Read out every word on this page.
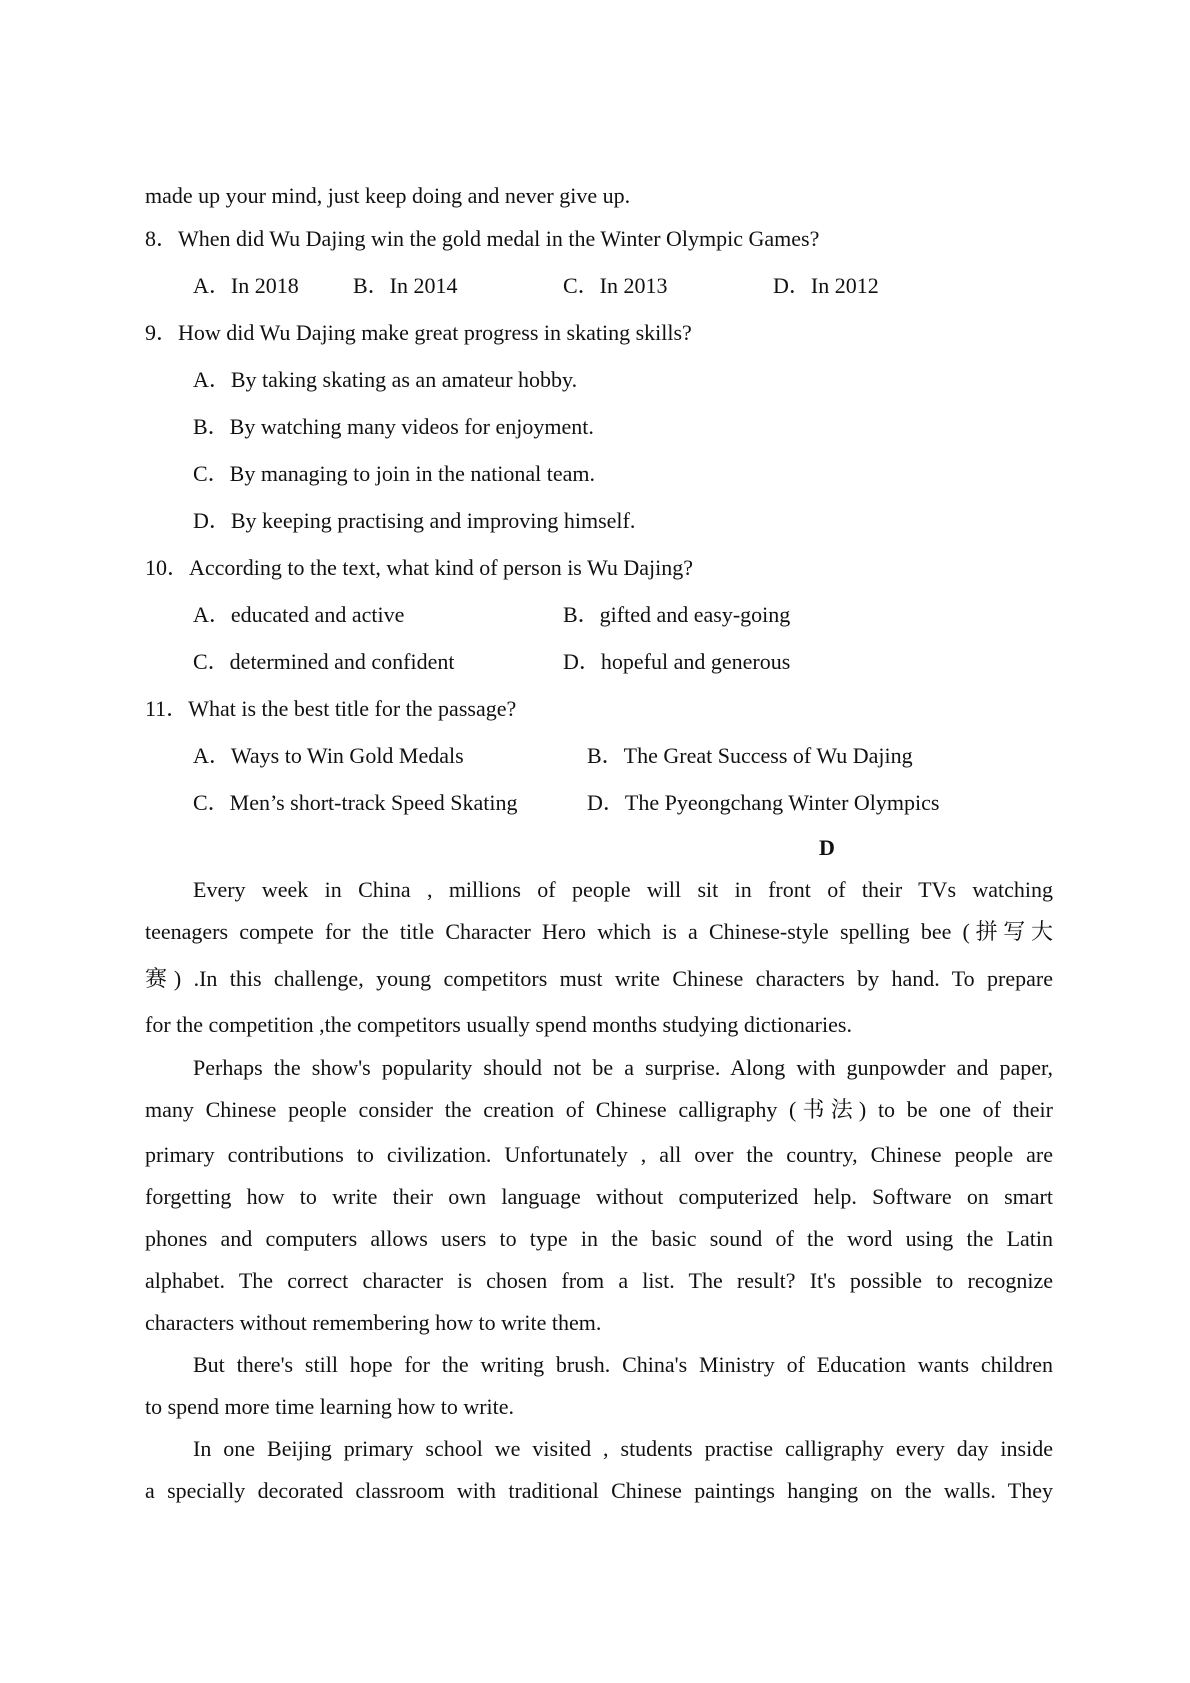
made up your mind, just keep doing and never give up.
8．When did Wu Dajing win the gold medal in the Winter Olympic Games?
A．In 2018 B．In 2014	C．In 2013	D．In 2012
9．How did Wu Dajing make great progress in skating skills?
A．By taking skating as an amateur hobby.
B．By watching many videos for enjoyment.
C．By managing to join in the national team.
D．By keeping practising and improving himself.
10．According to the text, what kind of person is Wu Dajing?
A．educated and active	B．gifted and easy-going
C．determined and confident	D．hopeful and generous
11．What is the best title for the passage?
A．Ways to Win Gold Medals	B．The Great Success of Wu Dajing
C．Men’s short-track Speed Skating	D．The Pyeongchang Winter Olympics
D
Every week in China , millions of people will sit in front of their TVs watching
teenagers compete for the title Character Hero which is a Chinese-style spelling bee (拼写大
赛) .In this challenge, young competitors must write Chinese characters by hand. To prepare
for the competition ,the competitors usually spend months studying dictionaries.
Perhaps the show's popularity should not be a surprise. Along with gunpowder and paper,
many Chinese people consider the creation of Chinese calligraphy (书法) to be one of their
primary contributions to civilization. Unfortunately , all over the country, Chinese people are
forgetting how to write their own language without computerized help. Software on smart
phones and computers allows users to type in the basic sound of the word using the Latin
alphabet. The correct character is chosen from a list. The result? It's possible to recognize
characters without remembering how to write them.
But there's still hope for the writing brush. China's Ministry of Education wants children
to spend more time learning how to write.
In one Beijing primary school we visited , students practise calligraphy every day inside
a specially decorated classroom with traditional Chinese paintings hanging on the walls. They
